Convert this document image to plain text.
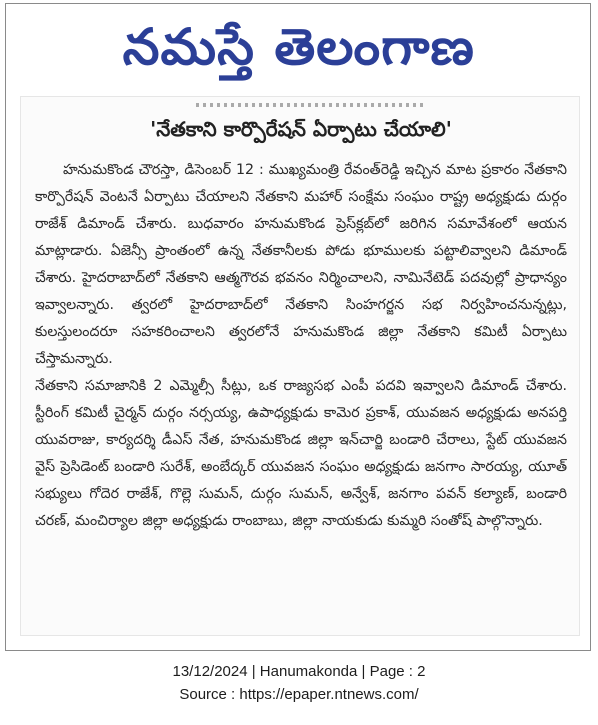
నమస్తే తెలంగాణ
'నేతకాని కార్పొరేషన్ ఏర్పాటు చేయాలి'

హనుమకొండ చౌరస్తా, డిసెంబర్ 12 : ముఖ్యమంత్రి రేవంత్‌రెడ్డి ఇచ్చిన మాట ప్రకారం నేతకాని కార్పొరేషన్ వెంటనే ఏర్పాటు చేయాలని నేతకాని మహార్ సంక్షేమ సంఘం రాష్ట్ర అధ్యక్షుడు దుర్గం రాజేశ్ డిమాండ్ చేశారు. బుధవారం హనుమకొండ ప్రెస్‌క్లబ్‌లో జరిగిన సమావేశంలో ఆయన మాట్లాడారు. ఏజెన్సీ ప్రాంతంలో ఉన్న నేతకానీలకు పోడు భూములకు పట్టాలివ్వాలని డిమాండ్ చేశారు. హైదరాబాద్‌లో నేతకాని ఆత్మగౌరవ భవనం నిర్మించాలని, నామినేటెడ్ పదవుల్లో ప్రాధాన్యం ఇవ్వాలన్నారు. త్వరలో హైదరాబాద్‌లో నేతకాని సింహగర్జన సభ నిర్వహించనున్నట్లు, కులస్తులందరూ సహకరించాలని త్వరలోనే హనుమకొండ జిల్లా నేతకాని కమిటీ ఏర్పాటు చేస్తామన్నారు.

నేతకాని సమాజానికి 2 ఎమ్మెల్సీ సీట్లు, ఒక రాజ్యసభ ఎంపీ పదవి ఇవ్వాలని డిమాండ్ చేశారు. స్టీరింగ్ కమిటీ చైర్మన్ దుర్గం నర్సయ్య, ఉపాధ్యక్షుడు కామెర ప్రకాశ్, యువజన అధ్యక్షుడు అనపర్తి యువరాజు, కార్యదర్శి డీఎస్ నేత, హనుమకొండ జిల్లా ఇన్‌చార్జి బండారి చేరాలు, స్టేట్ యువజన వైస్ ప్రెసిడెంట్ బండారి సురేశ్, అంబేద్కర్ యువజన సంఘం అధ్యక్షుడు జనగాం సారయ్య, యూత్ సభ్యులు గోదెర రాజేశ్, గొల్లె సుమన్, దుర్గం సుమన్, అన్వేశ్, జనగాం పవన్ కల్యాణ్, బండారి చరణ్, మంచిర్యాల జిల్లా అధ్యక్షుడు రాంబాబు, జిల్లా నాయకుడు కుమ్మరి సంతోష్ పాల్గొన్నారు.

13/12/2024 | Hanumakonda | Page : 2
Source : https://epaper.ntnews.com/
